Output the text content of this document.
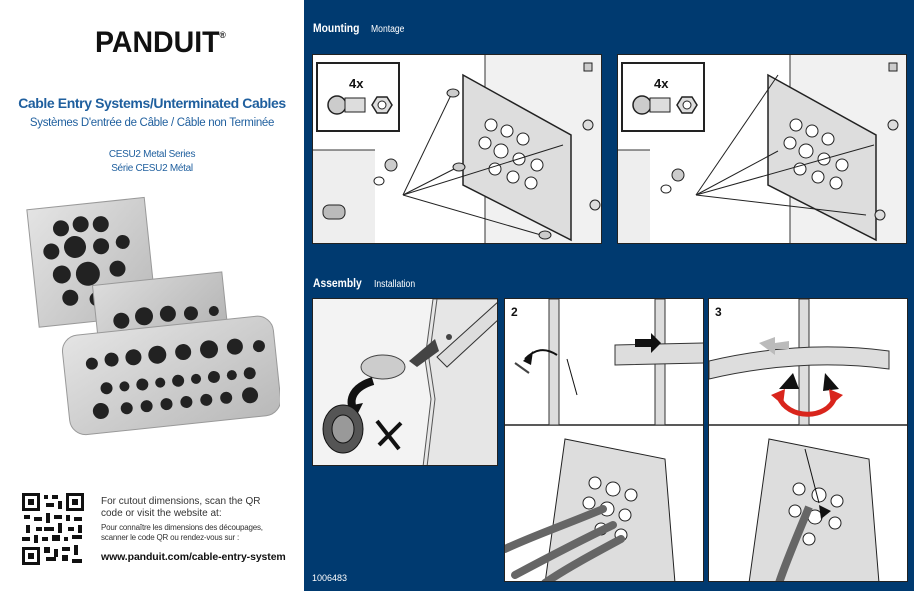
PANDUIT®
Cable Entry Systems/Unterminated Cables
Systèmes D'entrée de Câble / Câble non Terminée
CESU2 Metal Series
Série CESU2 Métal
For cutout dimensions, scan the QR code or visit the website at:
Pour connaître les dimensions des découpages, scanner le code QR ou rendez-vous sur :
www.panduit.com/cable-entry-system
Mounting Montage
4x	4x
Assembly Installation
2	3
1006483
